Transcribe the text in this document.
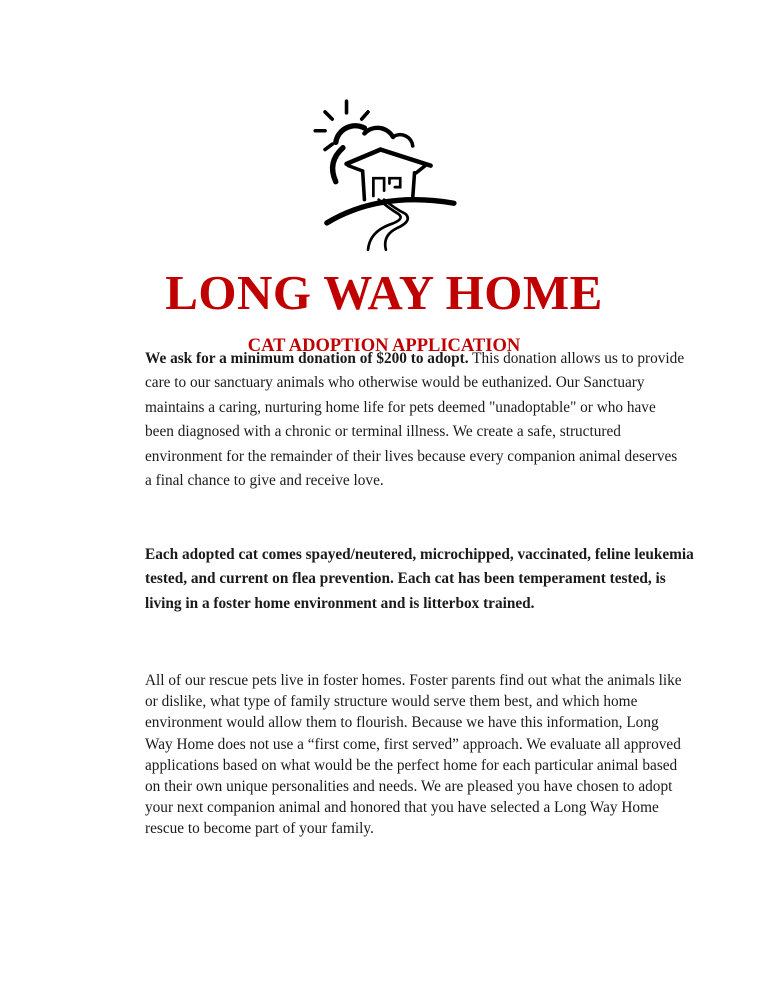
LONG WAY HOME
CAT ADOPTION APPLICATION
We ask for a minimum donation of $200 to adopt. This donation allows us to provide
care to our sanctuary animals who otherwise would be euthanized. Our Sanctuary
maintains a caring, nurturing home life for pets deemed "unadoptable" or who have
been diagnosed with a chronic or terminal illness. We create a safe, structured
environment for the remainder of their lives because every companion animal deserves
a final chance to give and receive love.
Each adopted cat comes spayed/neutered, microchipped, vaccinated, feline leukemia
tested, and current on flea prevention. Each cat has been temperament tested, is
living in a foster home environment and is litterbox trained.
All of our rescue pets live in foster homes. Foster parents find out what the animals like
or dislike, what type of family structure would serve them best, and which home
environment would allow them to flourish. Because we have this information, Long
Way Home does not use a “first come, first served” approach. We evaluate all approved
applications based on what would be the perfect home for each particular animal based
on their own unique personalities and needs. We are pleased you have chosen to adopt
your next companion animal and honored that you have selected a Long Way Home
rescue to become part of your family.
